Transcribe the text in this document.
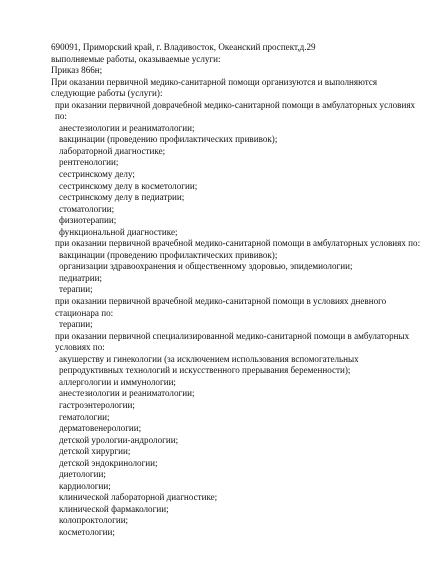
690091, Приморский край, г. Владивосток, Океанский проспект,д.29

выполняемые работы, оказываемые услуги:

Приказ 866н;

При оказании первичной медико-санитарной помощи организуются и выполняются следующие работы (услуги):

при оказании первичной доврачебной медико-санитарной помощи в амбулаторных условиях по:

анестезиологии и реаниматологии;

вакцинации (проведению профилактических прививок);

лабораторной диагностике;

рентгенологии;

сестринскому делу;

сестринскому делу в косметологии;

сестринскому делу в педиатрии;

стоматологии;

физиотерапии;

функциональной диагностике;

при оказании первичной врачебной медико-санитарной помощи в амбулаторных условиях по:

вакцинации (проведению профилактических прививок);

организации здравоохранения и общественному здоровью, эпидемиологии;

педиатрии;

терапии;

при оказании первичной врачебной медико-санитарной помощи в условиях дневного стационара по:

терапии;

при оказании первичной специализированной медико-санитарной помощи в амбулаторных условиях по:

акушерству и гинекологии (за исключением использования вспомогательных репродуктивных технологий и искусственного прерывания беременности);

аллергологии и иммунологии;

анестезиологии и реаниматологии;

гастроэнтерологии;

гематологии;

дерматовенерологии;

детской урологии-андрологии;

детской хирургии;

детской эндокринологии;

диетологии;

кардиологии;

клинической лабораторной диагностике;

клинической фармакологии;

колопроктологии;

косметологии;
